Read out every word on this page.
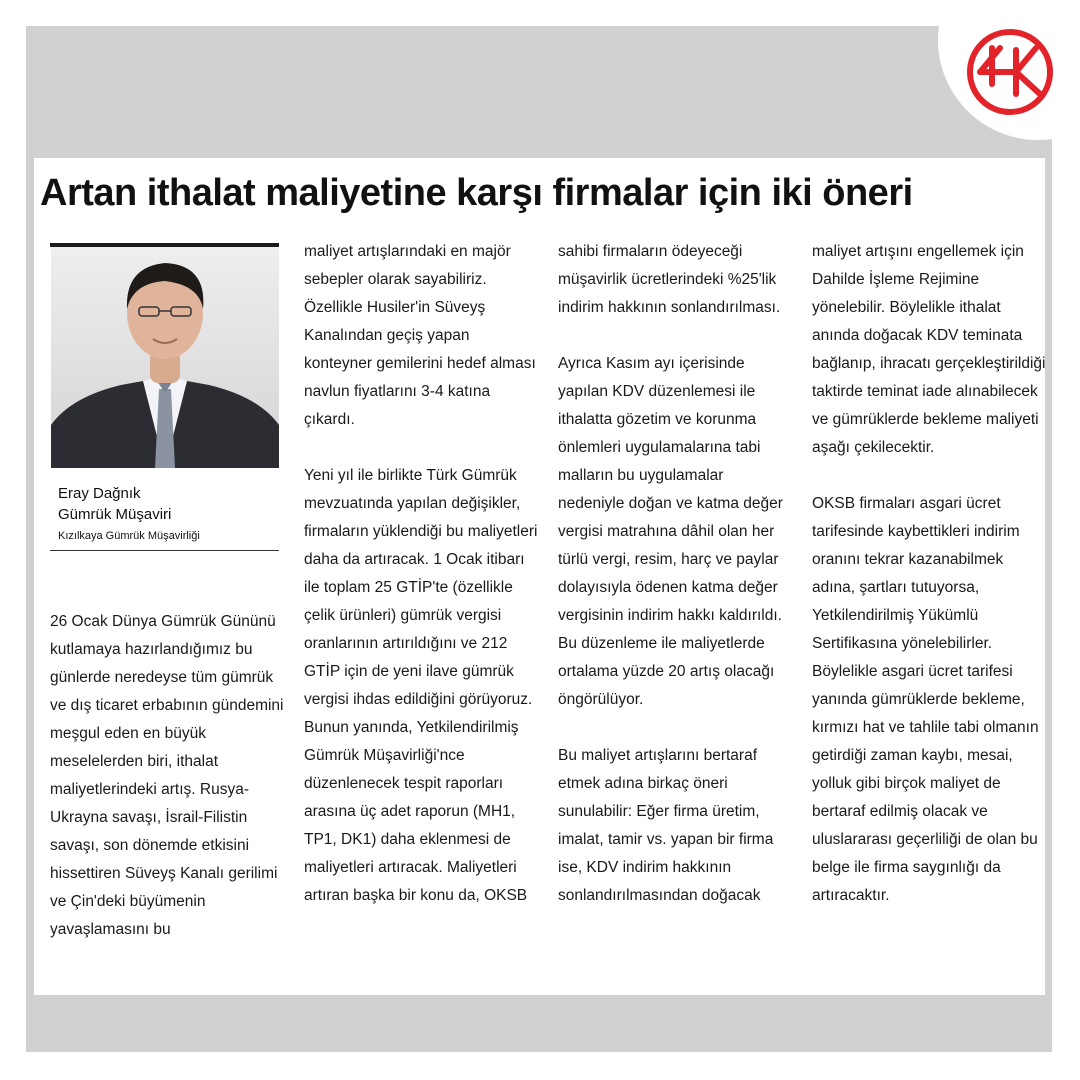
Artan ithalat maliyetine karşı firmalar için iki öneri
Eray Dağnık
Gümrük Müşaviri
Kızılkaya Gümrük Müşavirliği

26 Ocak Dünya Gümrük Gününü kutlamaya hazırlandığımız bu günlerde neredeyse tüm gümrük ve dış ticaret erbabının gündemini meşgul eden en büyük meselelerden biri, ithalat maliyetlerindeki artış. Rusya-Ukrayna savaşı, İsrail-Filistin savaşı, son dönemde etkisini hissettiren Süveyş Kanalı gerilimi ve Çin'deki büyümenin yavaşlamasını bu

maliyet artışlarındaki en majör sebepler olarak sayabiliriz. Özellikle Husiler'in Süveyş Kanalından geçiş yapan konteyner gemilerini hedef alması navlun fiyatlarını 3-4 katına çıkardı.

Yeni yıl ile birlikte Türk Gümrük mevzuatında yapılan değişikler, firmaların yüklendiği bu maliyetleri daha da artıracak. 1 Ocak itibarı ile toplam 25 GTİP'te (özellikle çelik ürünleri) gümrük vergisi oranlarının artırıldığını ve 212 GTİP için de yeni ilave gümrük vergisi ihdas edildiğini görüyoruz. Bunun yanında, Yetkilendirilmiş Gümrük Müşavirliği'nce düzenlenecek tespit raporları arasına üç adet raporun (MH1, TP1, DK1) daha eklenmesi de maliyetleri artıracak. Maliyetleri artıran başka bir konu da, OKSB

sahibi firmaların ödeyeceği müşavirlik ücretlerindeki %25'lik indirim hakkının sonlandırılması.

Ayrıca Kasım ayı içerisinde yapılan KDV düzenlemesi ile ithalatta gözetim ve korunma önlemleri uygulamalarına tabi malların bu uygulamalar nedeniyle doğan ve katma değer vergisi matrahına dâhil olan her türlü vergi, resim, harç ve paylar dolayısıyla ödenen katma değer vergisinin indirim hakkı kaldırıldı. Bu düzenleme ile maliyetlerde ortalama yüzde 20 artış olacağı öngörülüyor.

Bu maliyet artışlarını bertaraf etmek adına birkaç öneri sunulabilir: Eğer firma üretim, imalat, tamir vs. yapan bir firma ise, KDV indirim hakkının sonlandırılmasından doğacak

maliyet artışını engellemek için Dahilde İşleme Rejimine yönelebilir. Böylelikle ithalat anında doğacak KDV teminata bağlanıp, ihracatı gerçekleştirildiği taktirde teminat iade alınabilecek ve gümrüklerde bekleme maliyeti aşağı çekilecektir.

OKSB firmaları asgari ücret tarifesinde kaybettikleri indirim oranını tekrar kazanabilmek adına, şartları tutuyorsa, Yetkilendirilmiş Yükümlü Sertifikasına yönelebilirler. Böylelikle asgari ücret tarifesi yanında gümrüklerde bekleme, kırmızı hat ve tahlile tabi olmanın getirdiği zaman kaybı, mesai, yolluk gibi birçok maliyet de bertaraf edilmiş olacak ve uluslararası geçerliliği de olan bu belge ile firma saygınlığı da artıracaktır.
